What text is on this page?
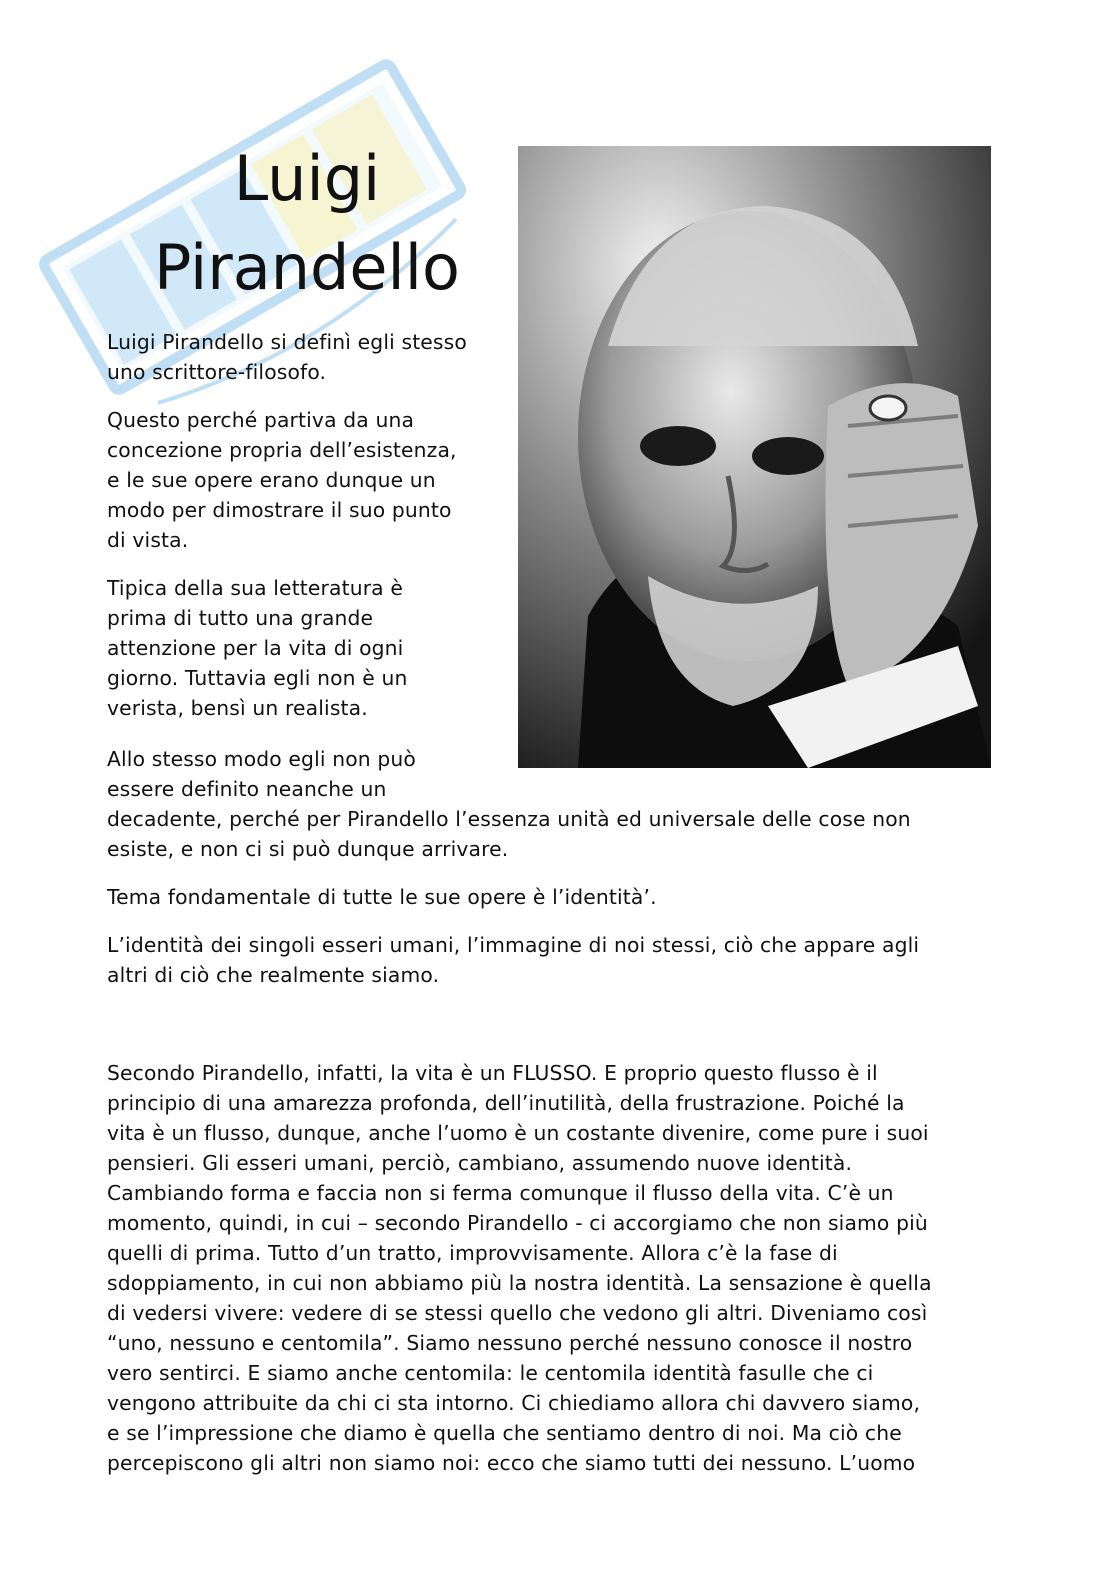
Luigi
Pirandello

Luigi Pirandello si definì egli stesso
uno scrittore-filosofo.

Questo perché partiva da una
concezione propria dell’esistenza,
e le sue opere erano dunque un
modo per dimostrare il suo punto
di vista.

Tipica della sua letteratura è
prima di tutto una grande
attenzione per la vita di ogni
giorno. Tuttavia egli non è un
verista, bensì un realista.

Allo stesso modo egli non può
essere definito neanche un
decadente, perché per Pirandello l’essenza unità ed universale delle cose non
esiste, e non ci si può dunque arrivare.

Tema fondamentale di tutte le sue opere è l’identità’.

L’identità dei singoli esseri umani, l’immagine di noi stessi, ciò che appare agli
altri di ciò che realmente siamo.

Secondo Pirandello, infatti, la vita è un FLUSSO. E proprio questo flusso è il
principio di una amarezza profonda, dell’inutilità, della frustrazione. Poiché la
vita è un flusso, dunque, anche l’uomo è un costante divenire, come pure i suoi
pensieri. Gli esseri umani, perciò, cambiano, assumendo nuove identità.
Cambiando forma e faccia non si ferma comunque il flusso della vita. C’è un
momento, quindi, in cui – secondo Pirandello - ci accorgiamo che non siamo più
quelli di prima. Tutto d’un tratto, improvvisamente. Allora c’è la fase di
sdoppiamento, in cui non abbiamo più la nostra identità. La sensazione è quella
di vedersi vivere: vedere di se stessi quello che vedono gli altri. Diveniamo così
“uno, nessuno e centomila”. Siamo nessuno perché nessuno conosce il nostro
vero sentirci. E siamo anche centomila: le centomila identità fasulle che ci
vengono attribuite da chi ci sta intorno. Ci chiediamo allora chi davvero siamo,
e se l’impressione che diamo è quella che sentiamo dentro di noi. Ma ciò che
percepiscono gli altri non siamo noi: ecco che siamo tutti dei nessuno. L’uomo
